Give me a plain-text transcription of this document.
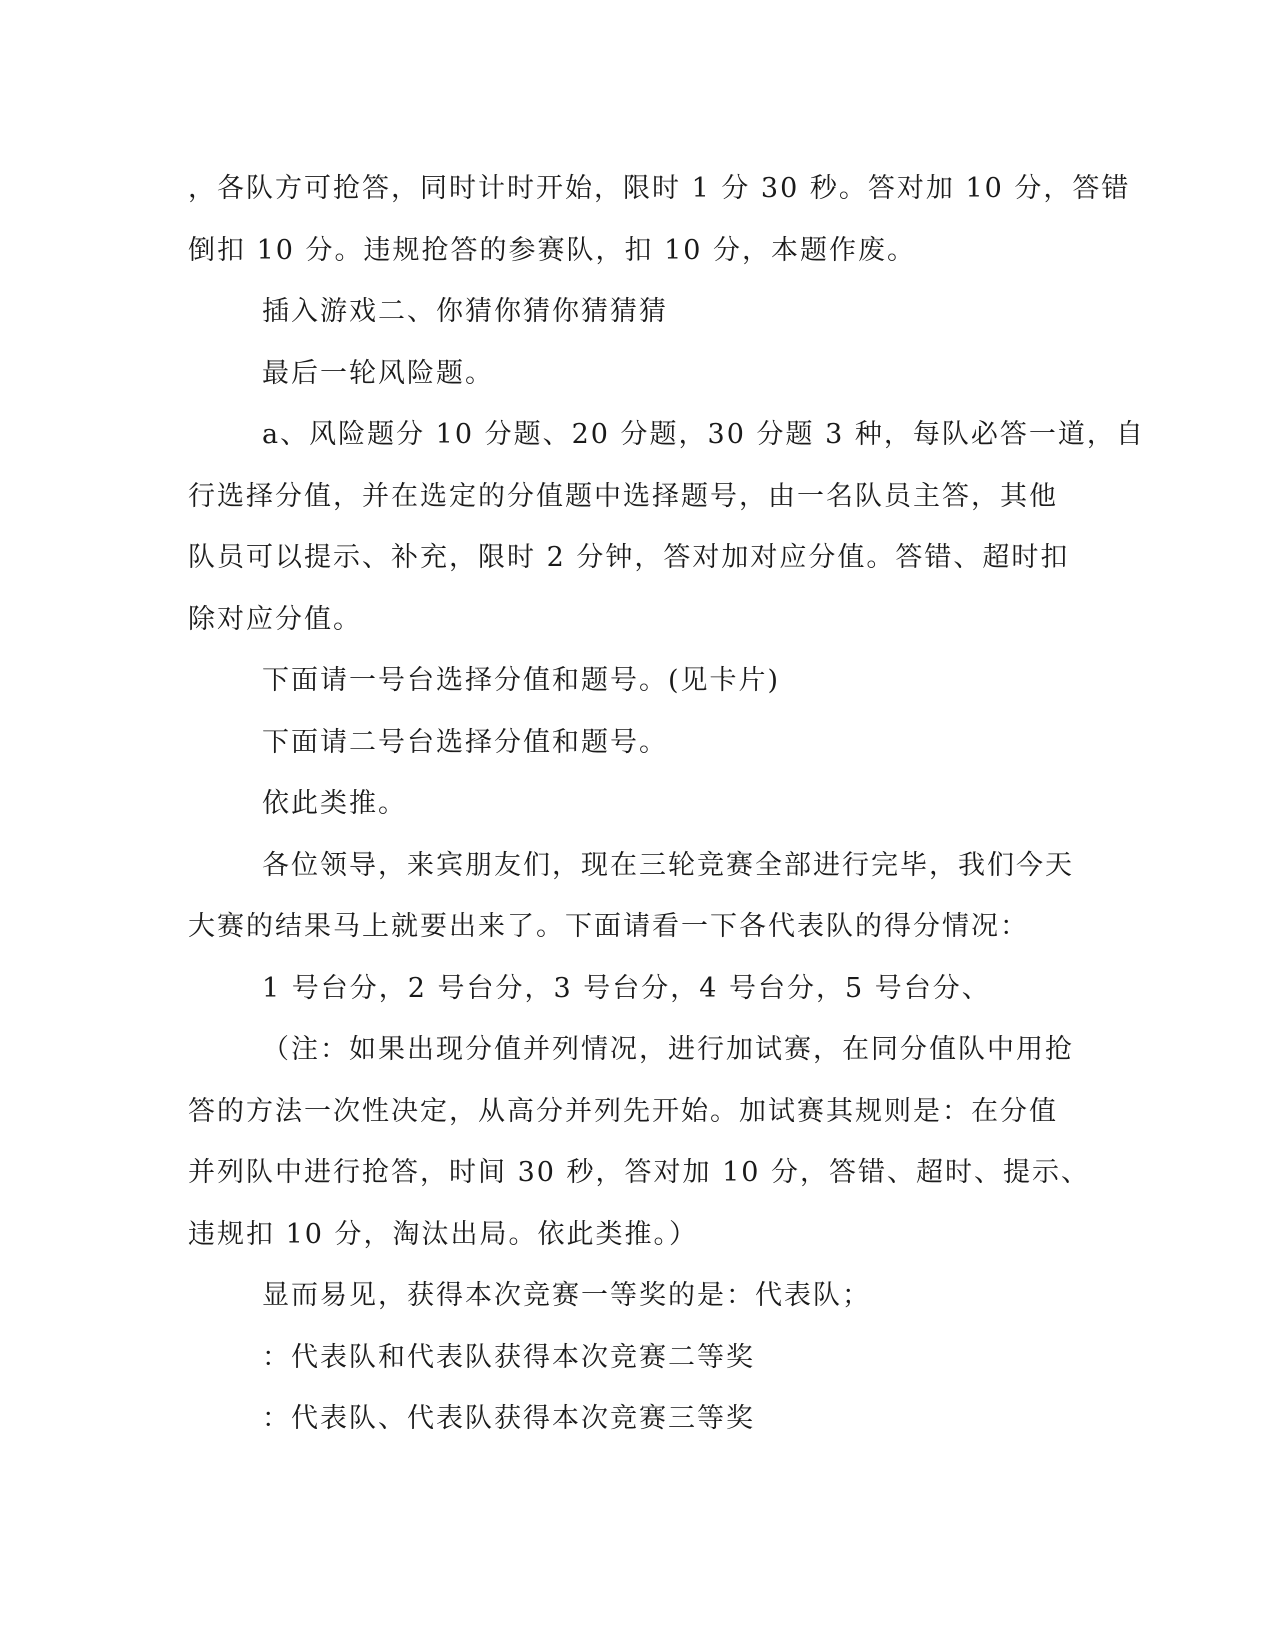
，各队方可抢答，同时计时开始，限时 1 分 30 秒。答对加 10 分，答错
倒扣 10 分。违规抢答的参赛队，扣 10 分，本题作废。
插入游戏二、你猜你猜你猜猜猜
最后一轮风险题。
a、风险题分 10 分题、20 分题，30 分题 3 种，每队必答一道，自
行选择分值，并在选定的分值题中选择题号，由一名队员主答，其他
队员可以提示、补充，限时 2 分钟，答对加对应分值。答错、超时扣
除对应分值。
下面请一号台选择分值和题号。(见卡片)
下面请二号台选择分值和题号。
依此类推。
各位领导，来宾朋友们，现在三轮竞赛全部进行完毕，我们今天
大赛的结果马上就要出来了。下面请看一下各代表队的得分情况：
1 号台分，2 号台分，3 号台分，4 号台分，5 号台分、
（注：如果出现分值并列情况，进行加试赛，在同分值队中用抢
答的方法一次性决定，从高分并列先开始。加试赛其规则是：在分值
并列队中进行抢答，时间 30 秒，答对加 10 分，答错、超时、提示、
违规扣 10 分，淘汰出局。依此类推。）
显而易见，获得本次竞赛一等奖的是：代表队；
：代表队和代表队获得本次竞赛二等奖
：代表队、代表队获得本次竞赛三等奖
